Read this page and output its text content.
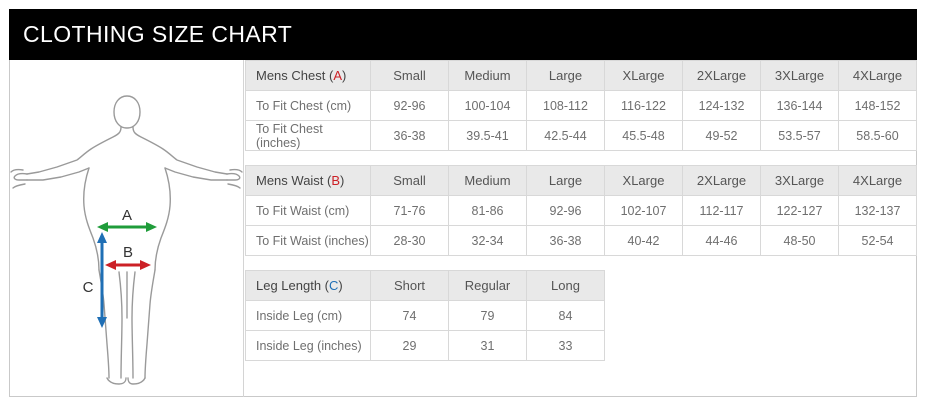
CLOTHING SIZE CHART
A
B
C
Mens Chest (A)	Small	Medium	Large	XLarge	2XLarge	3XLarge	4XLarge
To Fit Chest (cm)	92-96	100-104	108-112	116-122	124-132	136-144	148-152
To Fit Chest (inches)	36-38	39.5-41	42.5-44	45.5-48	49-52	53.5-57	58.5-60
Mens Waist (B)	Small	Medium	Large	XLarge	2XLarge	3XLarge	4XLarge
To Fit Waist (cm)	71-76	81-86	92-96	102-107	112-117	122-127	132-137
To Fit Waist (inches)	28-30	32-34	36-38	40-42	44-46	48-50	52-54
Leg Length (C)	Short	Regular	Long
Inside Leg (cm)	74	79	84
Inside Leg (inches)	29	31	33
